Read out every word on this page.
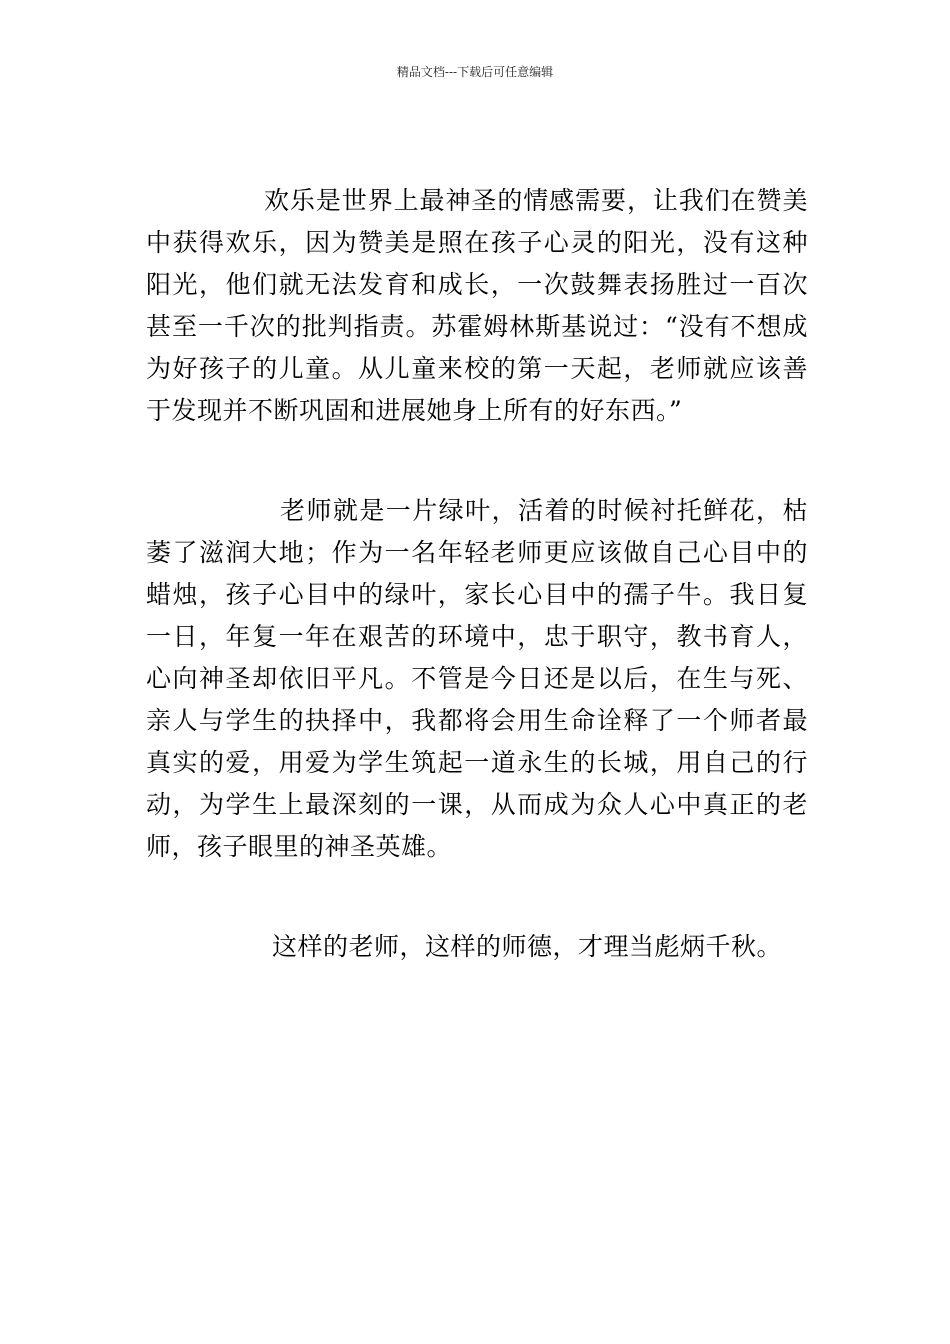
精品文档---下载后可任意编辑

欢乐是世界上最神圣的情感需要，让我们在赞美中获得欢乐，因为赞美是照在孩子心灵的阳光，没有这种阳光，他们就无法发育和成长，一次鼓舞表扬胜过一百次甚至一千次的批判指责。苏霍姆林斯基说过：“没有不想成为好孩子的儿童。从儿童来校的第一天起，老师就应该善于发现并不断巩固和进展她身上所有的好东西。”

老师就是一片绿叶，活着的时候衬托鲜花，枯萎了滋润大地；作为一名年轻老师更应该做自己心目中的蜡烛，孩子心目中的绿叶，家长心目中的孺子牛。我日复一日，年复一年在艰苦的环境中，忠于职守，教书育人，心向神圣却依旧平凡。不管是今日还是以后，在生与死、亲人与学生的抉择中，我都将会用生命诠释了一个师者最真实的爱，用爱为学生筑起一道永生的长城，用自己的行动，为学生上最深刻的一课，从而成为众人心中真正的老师，孩子眼里的神圣英雄。

这样的老师，这样的师德，才理当彪炳千秋。
